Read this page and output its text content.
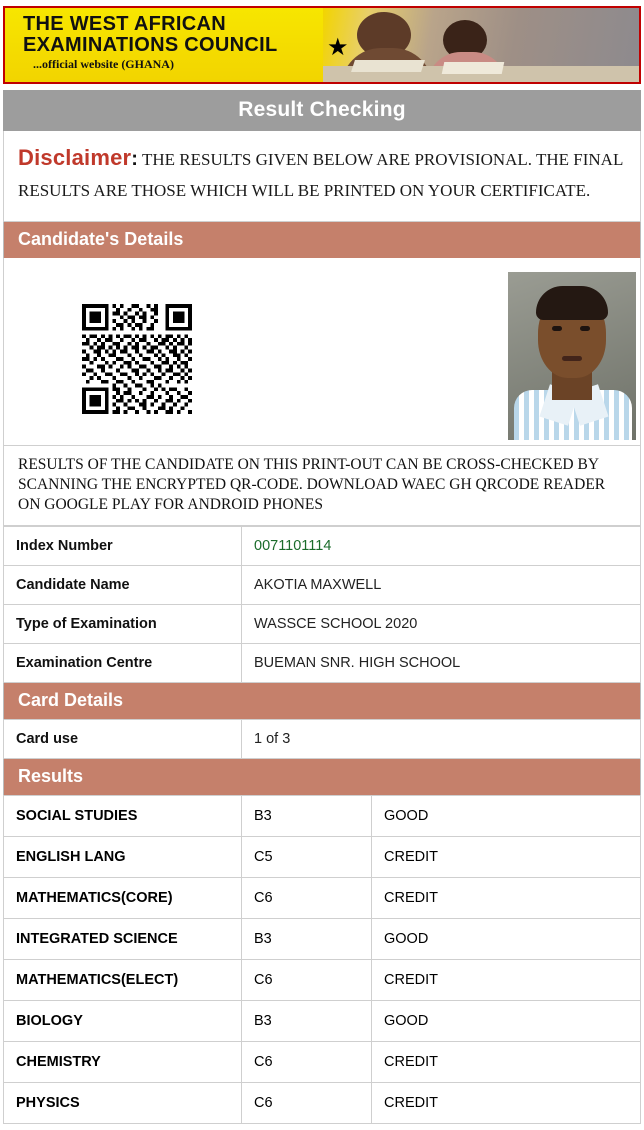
THE WEST AFRICAN
EXAMINATIONS COUNCIL
...official website (GHANA)
★
Result Checking
Disclaimer: THE RESULTS GIVEN BELOW ARE PROVISIONAL. THE FINAL RESULTS ARE THOSE WHICH WILL BE PRINTED ON YOUR CERTIFICATE.
Candidate's Details
RESULTS OF THE CANDIDATE ON THIS PRINT-OUT CAN BE CROSS-CHECKED BY SCANNING THE ENCRYPTED QR-CODE. DOWNLOAD WAEC GH QRCODE READER ON GOOGLE PLAY FOR ANDROID PHONES
Index Number	0071101114
Candidate Name	AKOTIA MAXWELL
Type of Examination	WASSCE SCHOOL 2020
Examination Centre	BUEMAN SNR. HIGH SCHOOL
Card Details
Card use	1 of 3
Results
SOCIAL STUDIES	B3	GOOD
ENGLISH LANG	C5	CREDIT
MATHEMATICS(CORE)	C6	CREDIT
INTEGRATED SCIENCE	B3	GOOD
MATHEMATICS(ELECT)	C6	CREDIT
BIOLOGY	B3	GOOD
CHEMISTRY	C6	CREDIT
PHYSICS	C6	CREDIT
